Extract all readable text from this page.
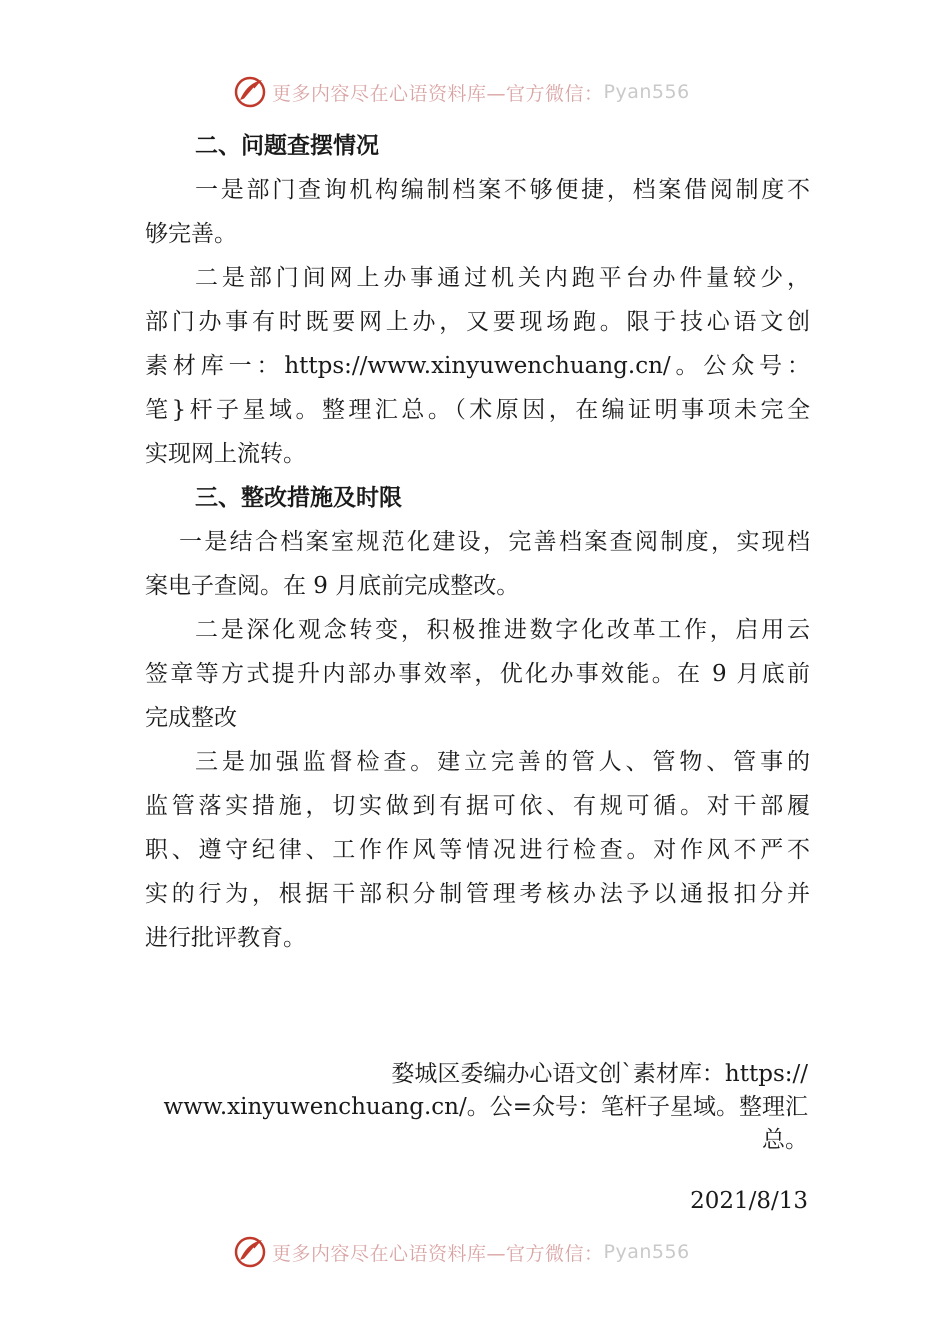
更多内容尽在心语资料库—官方微信： Pyan556
二、问题查摆情况
一是部门查询机构编制档案不够便捷，档案借阅制度不
够完善。
二是部门间网上办事通过机关内跑平台办件量较少，
部门办事有时既要网上办，又要现场跑。限于技心语文创
素材库一：https://www.xinyuwenchuang.cn/。公众号：
笔}杆子星域。整理汇总。（术原因，在编证明事项未完全
实现网上流转。
三、整改措施及时限
一是结合档案室规范化建设，完善档案查阅制度，实现档
案电子查阅。在 9 月底前完成整改。
二是深化观念转变，积极推进数字化改革工作，启用云
签章等方式提升内部办事效率，优化办事效能。在 9 月底前
完成整改
三是加强监督检查。建立完善的管人、管物、管事的
监管落实措施，切实做到有据可依、有规可循。对干部履
职、遵守纪律、工作作风等情况进行检查。对作风不严不
实的行为，根据干部积分制管理考核办法予以通报扣分并
进行批评教育。
婺城区委编办心语文创`素材库：https://
www.xinyuwenchuang.cn/。公=众号：笔杆子星域。整理汇
总。
2021/8/13
更多内容尽在心语资料库—官方微信： Pyan556
